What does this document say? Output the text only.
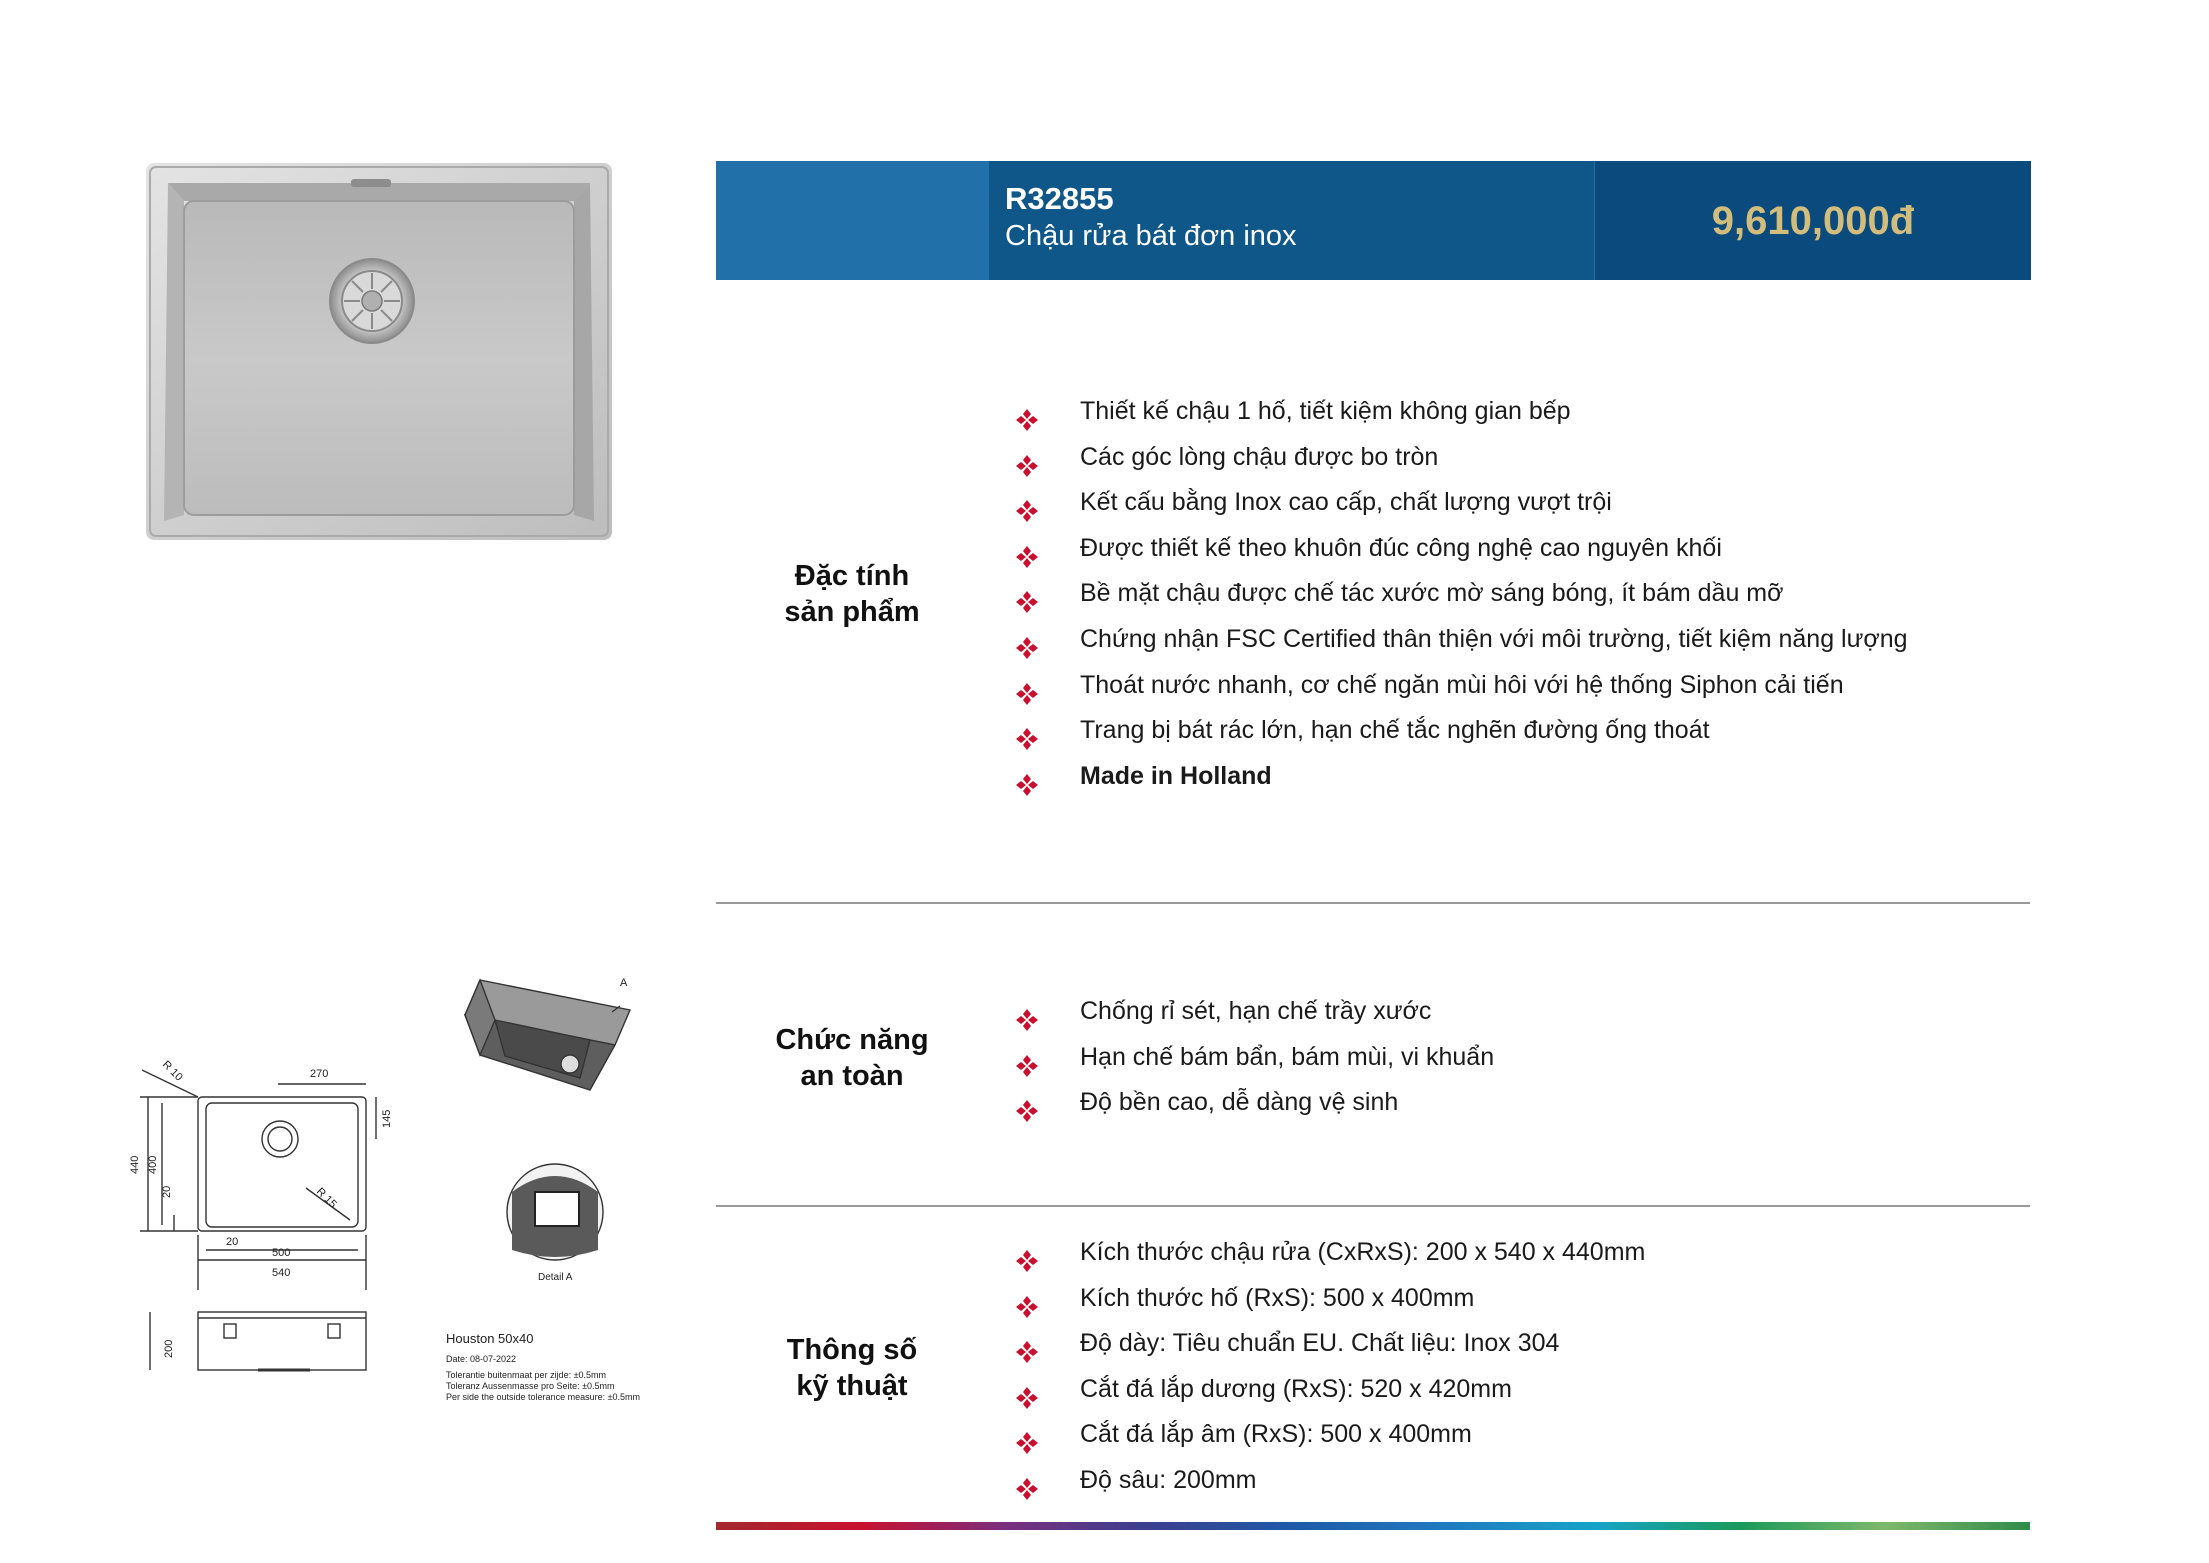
R32855
Chậu rửa bát đơn inox	9,610,000đ
Đặc tính
sản phẩm
Chức năng
an toàn
Thông số
kỹ thuật
Thiết kế chậu 1 hố, tiết kiệm không gian bếp
Các góc lòng chậu được bo tròn
Kết cấu bằng Inox cao cấp, chất lượng vượt trội
Được thiết kế theo khuôn đúc công nghệ cao nguyên khối
Bề mặt chậu được chế tác xước mờ sáng bóng, ít bám dầu mỡ
Chứng nhận FSC Certified thân thiện với môi trường, tiết kiệm năng lượng
Thoát nước nhanh, cơ chế ngăn mùi hôi với hệ thống Siphon cải tiến
Trang bị bát rác lớn, hạn chế tắc nghẽn đường ống thoát
Made in Holland
Chống rỉ sét, hạn chế trầy xước
Hạn chế bám bẩn, bám mùi, vi khuẩn
Độ bền cao, dễ dàng vệ sinh
Kích thước chậu rửa (CxRxS): 200 x 540 x 440mm
Kích thước hố (RxS): 500 x 400mm
Độ dày: Tiêu chuẩn EU. Chất liệu: Inox 304
Cắt đá lắp dương (RxS): 520 x 420mm
Cắt đá lắp âm (RxS): 500 x 400mm
Độ sâu: 200mm
R 10	270
145
440 400
20	R 15
20
500
540
200
A
Detail A
Houston 50x40
Date: 08-07-2022
Tolerantie buitenmaat per zijde: ±0.5mm
Toleranz Aussenmasse pro Seite: ±0.5mm
Per side the outside tolerance measure: ±0.5mm
